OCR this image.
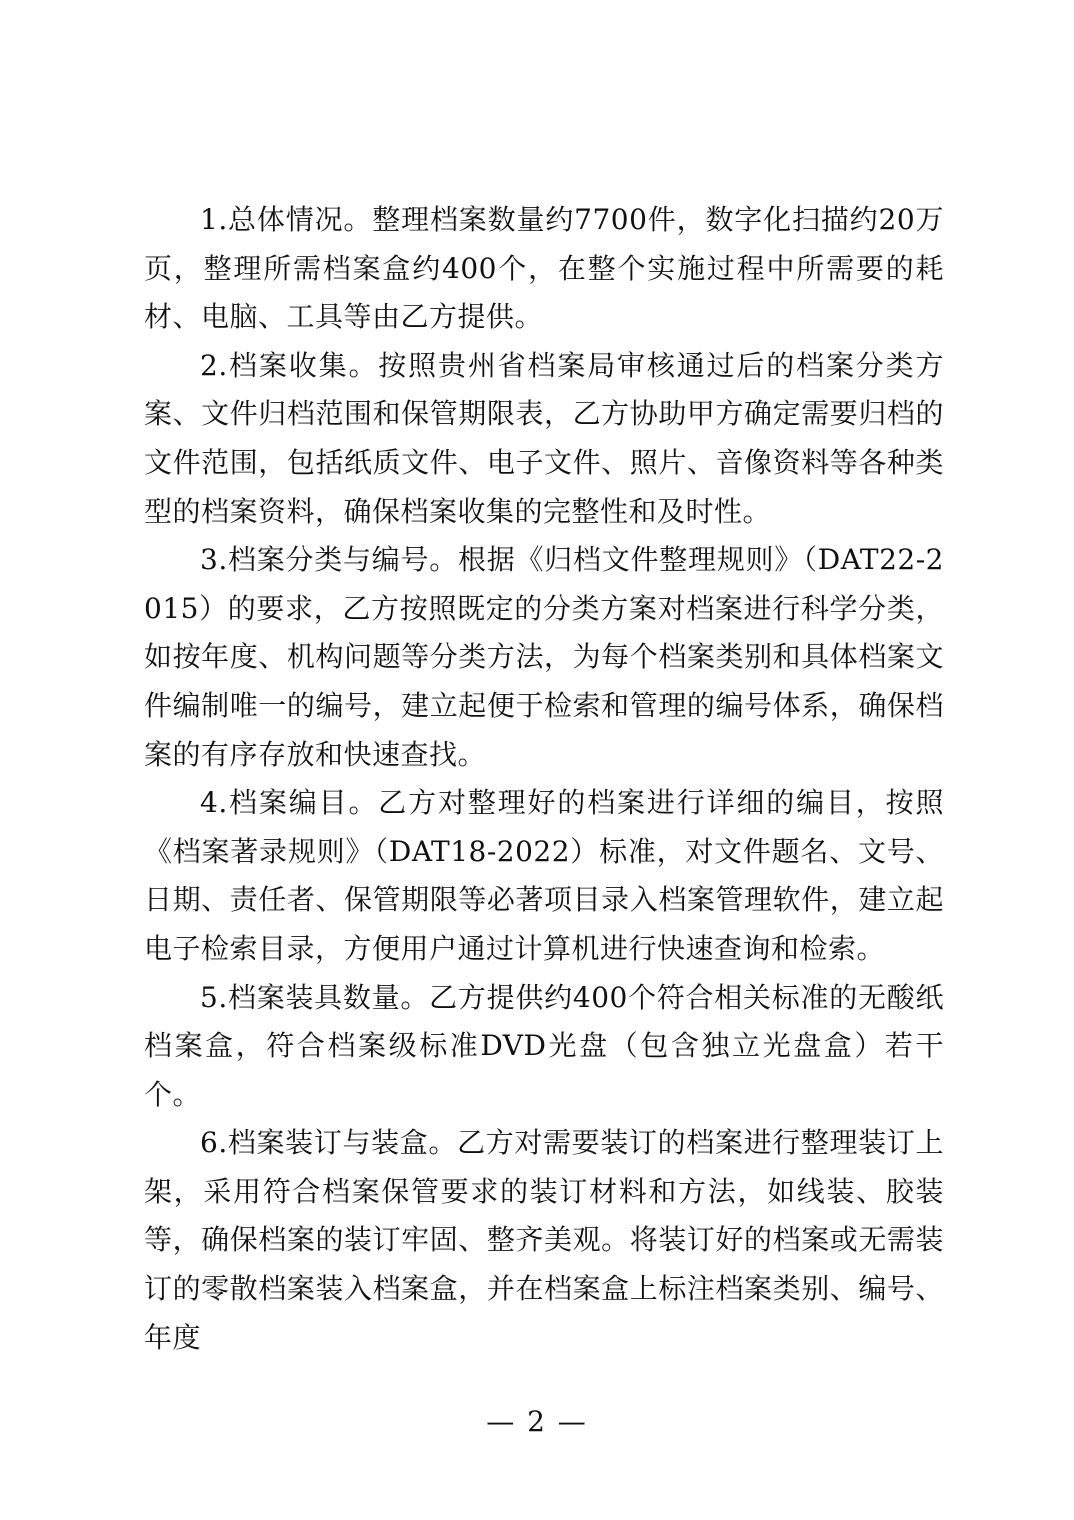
1.总体情况。整理档案数量约7700件，数字化扫描约20万页，整理所需档案盒约400个，在整个实施过程中所需要的耗材、电脑、工具等由乙方提供。

2.档案收集。按照贵州省档案局审核通过后的档案分类方案、文件归档范围和保管期限表，乙方协助甲方确定需要归档的文件范围，包括纸质文件、电子文件、照片、音像资料等各种类型的档案资料，确保档案收集的完整性和及时性。

3.档案分类与编号。根据《归档文件整理规则》（DAT22-2015）的要求，乙方按照既定的分类方案对档案进行科学分类，如按年度、机构问题等分类方法，为每个档案类别和具体档案文件编制唯一的编号，建立起便于检索和管理的编号体系，确保档案的有序存放和快速查找。

4.档案编目。乙方对整理好的档案进行详细的编目，按照《档案著录规则》（DAT18-2022）标准，对文件题名、文号、日期、责任者、保管期限等必著项目录入档案管理软件，建立起电子检索目录，方便用户通过计算机进行快速查询和检索。

5.档案装具数量。乙方提供约400个符合相关标准的无酸纸档案盒，符合档案级标准DVD光盘（包含独立光盘盒）若干个。

6.档案装订与装盒。乙方对需要装订的档案进行整理装订上架，采用符合档案保管要求的装订材料和方法，如线装、胶装等，确保档案的装订牢固、整齐美观。将装订好的档案或无需装订的零散档案装入档案盒，并在档案盒上标注档案类别、编号、年度

— 2 —
